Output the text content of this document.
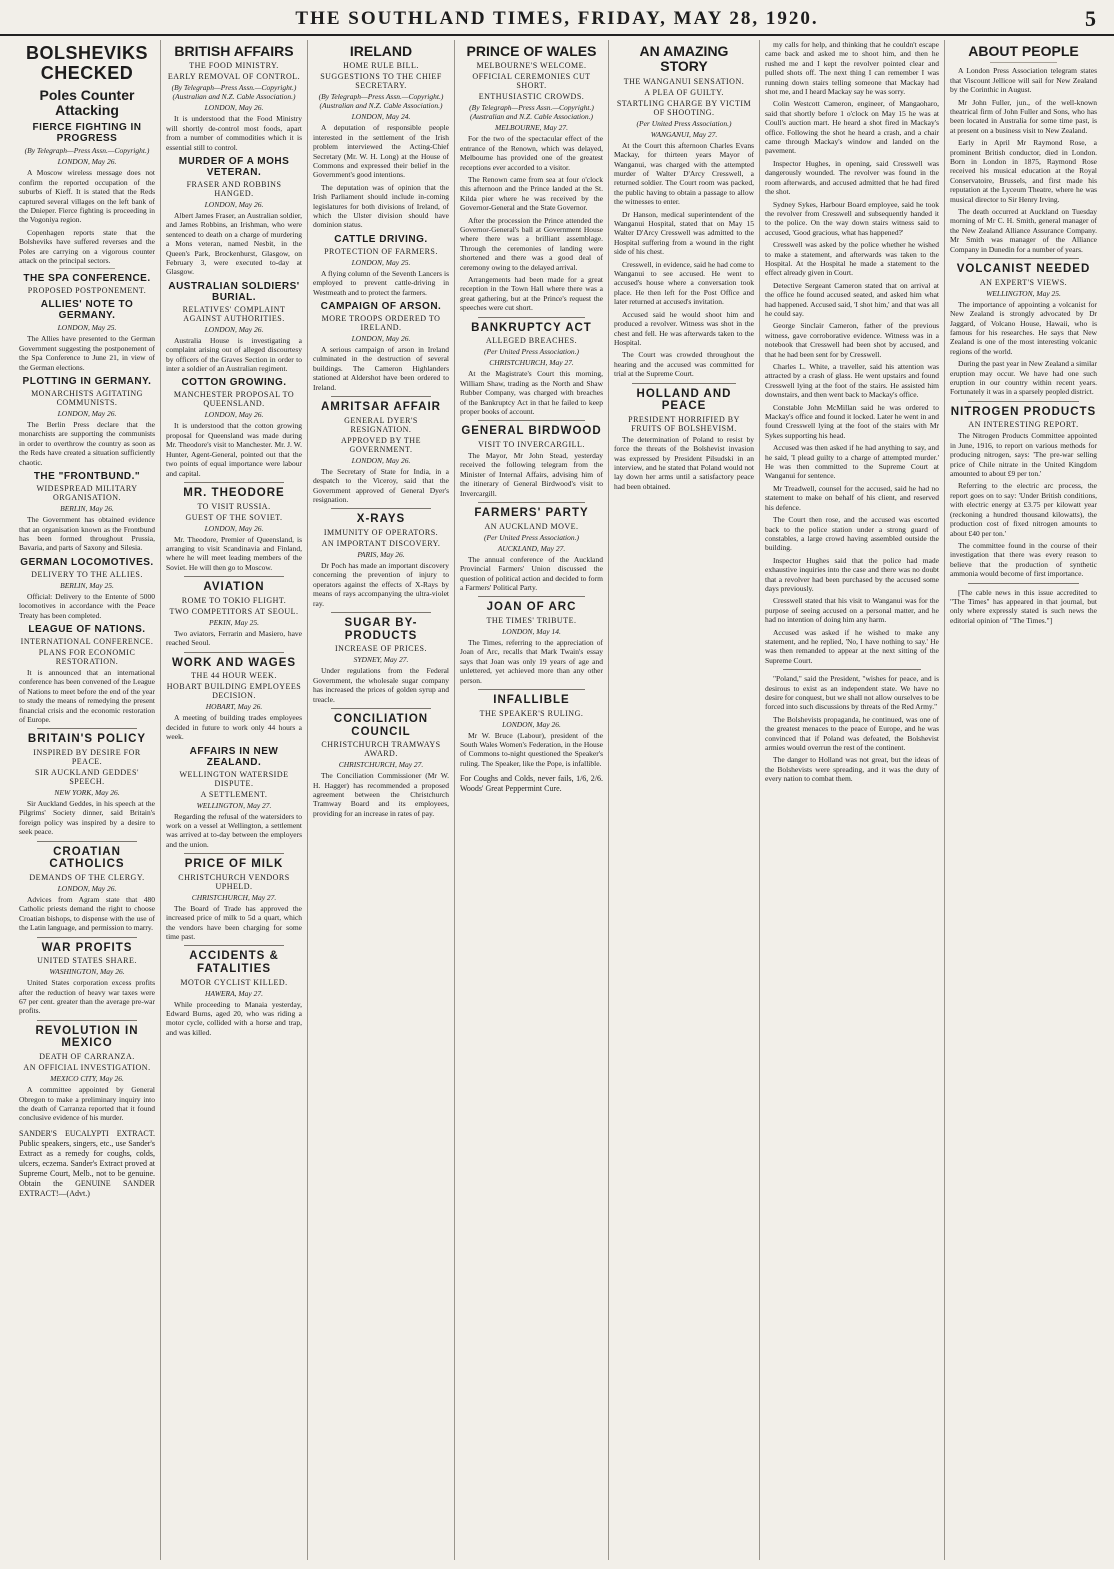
THE SOUTHLAND TIMES, FRIDAY, MAY 28, 1920.	5
BOLSHEVIKS CHECKED
Poles Counter Attacking
FIERCE FIGHTING IN PROGRESS
(By Telegraph—Press Assn.—Copyright.)
LONDON, May 26.

A Moscow wireless message does not confirm the reported occupation of the suburbs of Kieff. It is stated that the Reds captured several villages on the left bank of the Dnieper. Fierce fighting is proceeding in the Vogoniya region.

Copenhagen reports state that the Bolsheviks have suffered reverses and the Poles are carrying on a vigorous counter attack on the principal sectors.

THE SPA CONFERENCE.
PROPOSED POSTPONEMENT.
ALLIES' NOTE TO GERMANY.
LONDON, May 25.

The Allies have presented to the German Government suggesting the postponement of the Spa Conference to June 21, in view of the German elections.

PLOTTING IN GERMANY.
MONARCHISTS AGITATING COMMUNISTS.
LONDON, May 26.

The Berlin Press declare that the monarchists are supporting the communists in order to overthrow the country as soon as the Reds have created a situation sufficiently chaotic.

THE "FRONTBUND."
WIDESPREAD MILITARY ORGANISATION.
BERLIN, May 26.

The Government has obtained evidence that an organisation known as the Frontbund has been formed throughout Prussia, Bavaria, and parts of Saxony and Silesia.

GERMAN LOCOMOTIVES.
DELIVERY TO THE ALLIES.
BERLIN, May 25.

Official: Delivery to the Entente of 5000 locomotives in accordance with the Peace Treaty has been completed.

LEAGUE OF NATIONS.
INTERNATIONAL CONFERENCE.
PLANS FOR ECONOMIC RESTORATION.

It is announced that an international conference has been convened of the League of Nations to meet before the end of the year to study the means of remedying the present financial crisis and the economic restoration of Europe.

BRITAIN'S POLICY
INSPIRED BY DESIRE FOR PEACE.
SIR AUCKLAND GEDDES' SPEECH.
NEW YORK, May 26.

Sir Auckland Geddes, in his speech at the Pilgrims' Society dinner, said Britain's foreign policy was inspired by a desire to seek peace.

CROATIAN CATHOLICS
DEMANDS OF THE CLERGY.
LONDON, May 26.

Advices from Agram state that 480 Catholic priests demand the right to choose Croatian bishops, to dispense with the use of the Latin language, and permission to marry.

WAR PROFITS
UNITED STATES SHARE.
WASHINGTON, May 26.

United States corporation excess profits after the reduction of heavy war taxes were 67 per cent. greater than the average pre-war profits.

REVOLUTION IN MEXICO
DEATH OF CARRANZA.
AN OFFICIAL INVESTIGATION.
MEXICO CITY, May 26.

A committee appointed by General Obregon to make a preliminary inquiry into the death of Carranza reported that it found conclusive evidence of his murder.

SANDER'S EUCALYPTI EXTRACT. Public speakers, singers, etc., use Sander's Extract as a remedy for coughs, colds, ulcers, eczema. Sander's Extract proved at Supreme Court, Melb., not to be genuine. Obtain the GENUINE SANDER EXTRACT!—(Advt.)
BRITISH AFFAIRS
THE FOOD MINISTRY.
EARLY REMOVAL OF CONTROL.
(By Telegraph—Press Assn.—Copyright.) (Australian and N.Z. Cable Association.)
LONDON, May 26.

It is understood that the Food Ministry will shortly de-control most foods, apart from a number of commodities which it is essential still to control.

MURDER OF A MOHS VETERAN.
FRASER AND ROBBINS HANGED.
LONDON, May 26.

Albert James Fraser, an Australian soldier, and James Robbins, an Irishman, who were sentenced to death on a charge of murdering a Mons veteran, named Nesbit, in the Queen's Park, Brockenhurst, Glasgow, on February 3, were executed to-day at Glasgow.

AUSTRALIAN SOLDIERS' BURIAL.
RELATIVES' COMPLAINT AGAINST AUTHORITIES.
LONDON, May 26.

Australia House is investigating a complaint arising out of alleged discourtesy by officers of the Graves Section in order to inter a soldier of an Australian regiment.

COTTON GROWING.
MANCHESTER PROPOSAL TO QUEENSLAND.
LONDON, May 26.

It is understood that the cotton growing proposal for Queensland was made during Mr. Theodore's visit to Manchester. Mr. J. W. Hunter, Agent-General, pointed out that the two points of equal importance were labour and capital.

MR. THEODORE
TO VISIT RUSSIA.
GUEST OF THE SOVIET.
LONDON, May 26.

Mr. Theodore, Premier of Queensland, is arranging to visit Scandinavia and Finland, where he will meet leading members of the Soviet. He will then go to Moscow.

AVIATION
ROME TO TOKIO FLIGHT.
TWO COMPETITORS AT SEOUL.
PEKIN, May 25.

Two aviators, Ferrarin and Masiero, have reached Seoul.

WORK AND WAGES
THE 44 HOUR WEEK.
HOBART BUILDING EMPLOYEES DECISION.
HOBART, May 26.

A meeting of building trades employees decided in future to work only 44 hours a week.

AFFAIRS IN NEW ZEALAND.
WELLINGTON WATERSIDE DISPUTE.
A SETTLEMENT.
WELLINGTON, May 27.

Regarding the refusal of the watersiders to work on a vessel at Wellington, a settlement was arrived at to-day between the employers and the union.

PRICE OF MILK
CHRISTCHURCH VENDORS UPHELD.
CHRISTCHURCH, May 27.

The Board of Trade has approved the increased price of milk to 5d a quart, which the vendors have been charging for some time past.

ACCIDENTS & FATALITIES
MOTOR CYCLIST KILLED.
HAWERA, May 27.

While proceeding to Manaia yesterday, Edward Burns, aged 20, who was riding a motor cycle, collided with a horse and trap, and was killed.

IRELAND
HOME RULE BILL.
SUGGESTIONS TO THE CHIEF SECRETARY.
(By Telegraph—Press Assn.—Copyright.) (Australian and N.Z. Cable Association.)
LONDON, May 24.

A deputation of responsible people interested in the settlement of the Irish problem interviewed the Acting-Chief Secretary (Mr. W. H. Long) at the House of Commons and expressed their belief in the Government's good intentions.

The deputation was of opinion that the Irish Parliament should include in-coming legislatures for both divisions of Ireland, of which the Ulster division should have dominion status.

CATTLE DRIVING.
PROTECTION OF FARMERS.
LONDON, May 25.

A flying column of the Seventh Lancers is employed to prevent cattle-driving in Westmeath and to protect the farmers.

CAMPAIGN OF ARSON.
MORE TROOPS ORDERED TO IRELAND.
LONDON, May 26.

A serious campaign of arson in Ireland culminated in the destruction of several buildings. The Cameron Highlanders stationed at Aldershot have been ordered to Ireland.

AMRITSAR AFFAIR
GENERAL DYER'S RESIGNATION.
APPROVED BY THE GOVERNMENT.
LONDON, May 26.

The Secretary of State for India, in a despatch to the Viceroy, said that the Government approved of General Dyer's resignation.

X-RAYS
IMMUNITY OF OPERATORS.
AN IMPORTANT DISCOVERY.
PARIS, May 26.

Dr Poch has made an important discovery concerning the prevention of injury to operators against the effects of X-Rays by means of rays accompanying the ultra-violet ray.

SUGAR BY-PRODUCTS
INCREASE OF PRICES.
SYDNEY, May 27.

Under regulations from the Federal Government, the wholesale sugar company has increased the prices of golden syrup and treacle.

CONCILIATION COUNCIL
CHRISTCHURCH TRAMWAYS AWARD.
CHRISTCHURCH, May 27.

The Conciliation Commissioner (Mr W. H. Hagger) has recommended a proposed agreement between the Christchurch Tramway Board and its employees, providing for an increase in rates of pay.

PRINCE OF WALES
MELBOURNE'S WELCOME.
OFFICIAL CEREMONIES CUT SHORT.
ENTHUSIASTIC CROWDS.
(By Telegraph—Press Assn.—Copyright.) (Australian and N.Z. Cable Association.)
MELBOURNE, May 27.

For the two of the spectacular effect of the entrance of the Renown, which was delayed, Melbourne has provided one of the greatest receptions ever accorded to a visitor.

The Renown came from sea at four o'clock this afternoon and the Prince landed at the St. Kilda pier where he was received by the Governor-General and the State Governor.

After the procession the Prince attended the Governor-General's ball at Government House where there was a brilliant assemblage. Through the ceremonies of landing were shortened and there was a good deal of ceremony owing to the delayed arrival.

Arrangements had been made for a great reception in the Town Hall where there was a great gathering, but at the Prince's request the speeches were cut short.

BANKRUPTCY ACT
ALLEGED BREACHES.
(Per United Press Association.)
CHRISTCHURCH, May 27.

At the Magistrate's Court this morning, William Shaw, trading as the North and Shaw Rubber Company, was charged with breaches of the Bankruptcy Act in that he failed to keep proper books of account.

GENERAL BIRDWOOD
VISIT TO INVERCARGILL.

The Mayor, Mr John Stead, yesterday received the following telegram from the Minister of Internal Affairs, advising him of the itinerary of General Birdwood's visit to Invercargill.

FARMERS' PARTY
AN AUCKLAND MOVE.
(Per United Press Association.)
AUCKLAND, May 27.

The annual conference of the Auckland Provincial Farmers' Union discussed the question of political action and decided to form a Farmers' Political Party.

JOAN OF ARC
THE TIMES' TRIBUTE.
LONDON, May 14.

The Times, referring to the appreciation of Joan of Arc, recalls that Mark Twain's essay says that Joan was only 19 years of age and unlettered, yet achieved more than any other person.

INFALLIBLE
THE SPEAKER'S RULING.
LONDON, May 26.

Mr W. Bruce (Labour), president of the South Wales Women's Federation, in the House of Commons to-night questioned the Speaker's ruling. The Speaker, like the Pope, is infallible.

For Coughs and Colds, never fails, 1/6, 2/6. Woods' Great Peppermint Cure.
AN AMAZING STORY
THE WANGANUI SENSATION.
A PLEA OF GUILTY.
STARTLING CHARGE BY VICTIM OF SHOOTING.
(Per United Press Association.)
WANGANUI, May 27.

At the Court this afternoon Charles Evans Mackay, for thirteen years Mayor of Wanganui, was charged with the attempted murder of Walter D'Arcy Cresswell, a returned soldier. The Court room was packed, the public having to obtain a passage to allow the witnesses to enter.

Dr Hanson, medical superintendent of the Wanganui Hospital, stated that on May 15 Walter D'Arcy Cresswell was admitted to the Hospital suffering from a wound in the right side of his chest.

Cresswell, in evidence, said he had come to Wanganui to see accused. He went to accused's house where a conversation took place. He then left for the Post Office and later returned at accused's invitation.

Accused said he would shoot him and produced a revolver. Witness was shot in the chest and fell. He was afterwards taken to the Hospital.

The Court was crowded throughout the hearing and the accused was committed for trial at the Supreme Court.

HOLLAND AND PEACE
PRESIDENT HORRIFIED BY FRUITS OF BOLSHEVISM.

The determination of Poland to resist by force the threats of the Bolshevist invasion was expressed by President Pilsudski in an interview, and he stated that Poland would not lay down her arms until a satisfactory peace had been obtained.

my calls for help, and thinking that he couldn't escape came back and asked me to shoot him, and then he rushed me and I kept the revolver pointed clear and pulled shots off. The next thing I can remember I was running down stairs telling someone that Mackay had shot me, and I heard Mackay say he was sorry.

Colin Westcott Cameron, engineer, of Mangaoharo, said that shortly before 1 o'clock on May 15 he was at Coull's auction mart. He heard a shot fired in Mackay's office. Following the shot he heard a crash, and a chair came through Mackay's window and landed on the pavement.

Inspector Hughes, in opening, said Cresswell was dangerously wounded. The revolver was found in the room afterwards, and accused admitted that he had fired the shot.

Sydney Sykes, Harbour Board employee, said he took the revolver from Cresswell and subsequently handed it to the police. On the way down stairs witness said to accused, 'Good gracious, what has happened?'

Cresswell was asked by the police whether he wished to make a statement, and afterwards was taken to the Hospital. At the Hospital he made a statement to the effect already given in Court.

Detective Sergeant Cameron stated that on arrival at the office he found accused seated, and asked him what had happened. Accused said, 'I shot him,' and that was all he could say.

George Sinclair Cameron, father of the previous witness, gave corroborative evidence. Witness was in a notebook that Cresswell had been shot by accused, and that he had been sent for by Cresswell.

Charles L. White, a traveller, said his attention was attracted by a crash of glass. He went upstairs and found Cresswell lying at the foot of the stairs. He assisted him downstairs, and then went back to Mackay's office.

Constable John McMillan said he was ordered to Mackay's office and found it locked. Later he went in and found Cresswell lying at the foot of the stairs with Mr Sykes supporting his head.

Accused was then asked if he had anything to say, and he said, 'I plead guilty to a charge of attempted murder.' He was then committed to the Supreme Court at Wanganui for sentence.

Mr Treadwell, counsel for the accused, said he had no statement to make on behalf of his client, and reserved his defence.

The Court then rose, and the accused was escorted back to the police station under a strong guard of constables, a large crowd having assembled outside the building.

Inspector Hughes said that the police had made exhaustive inquiries into the case and there was no doubt that a revolver had been purchased by the accused some days previously.

Cresswell stated that his visit to Wanganui was for the purpose of seeing accused on a personal matter, and he had no intention of doing him any harm.

Accused was asked if he wished to make any statement, and he replied, 'No, I have nothing to say.' He was then remanded to appear at the next sitting of the Supreme Court.

"Poland," said the President, "wishes for peace, and is desirous to exist as an independent state. We have no desire for conquest, but we shall not allow ourselves to be forced into such discussions by threats of the Red Army."

The Bolshevists propaganda, he continued, was one of the greatest menaces to the peace of Europe, and he was convinced that if Poland was defeated, the Bolshevist armies would overrun the rest of the continent.

The danger to Holland was not great, but the ideas of the Bolshevists were spreading, and it was the duty of every nation to combat them.

ABOUT PEOPLE

A London Press Association telegram states that Viscount Jellicoe will sail for New Zealand by the Corinthic in August.

Mr John Fuller, jun., of the well-known theatrical firm of John Fuller and Sons, who has been located in Australia for some time past, is at present on a business visit to New Zealand.

Early in April Mr Raymond Rose, a prominent British conductor, died in London. Born in London in 1875, Raymond Rose received his musical education at the Royal Conservatoire, Brussels, and first made his reputation at the Lyceum Theatre, where he was musical director to Sir Henry Irving.

The death occurred at Auckland on Tuesday morning of Mr C. H. Smith, general manager of the New Zealand Alliance Assurance Company. Mr Smith was manager of the Alliance Company in Dunedin for a number of years.

VOLCANIST NEEDED
AN EXPERT'S VIEWS.
WELLINGTON, May 25.

The importance of appointing a volcanist for New Zealand is strongly advocated by Dr Jaggard, of Volcano House, Hawaii, who is famous for his researches. He says that New Zealand is one of the most interesting volcanic regions of the world.

During the past year in New Zealand a similar eruption may occur. We have had one such eruption in our country within recent years. Fortunately it was in a sparsely peopled district.

NITROGEN PRODUCTS
AN INTERESTING REPORT.

The Nitrogen Products Committee appointed in June, 1916, to report on various methods for producing nitrogen, says: 'The pre-war selling price of Chile nitrate in the United Kingdom amounted to about £9 per ton.'

Referring to the electric arc process, the report goes on to say: 'Under British conditions, with electric energy at £3.75 per kilowatt year (reckoning a hundred thousand kilowatts), the production cost of fixed nitrogen amounts to about £40 per ton.'

The committee found in the course of their investigation that there was every reason to believe that the production of synthetic ammonia would become of first importance.

[The cable news in this issue accredited to "The Times" has appeared in that journal, but only where expressly stated is such news the editorial opinion of "The Times."]
